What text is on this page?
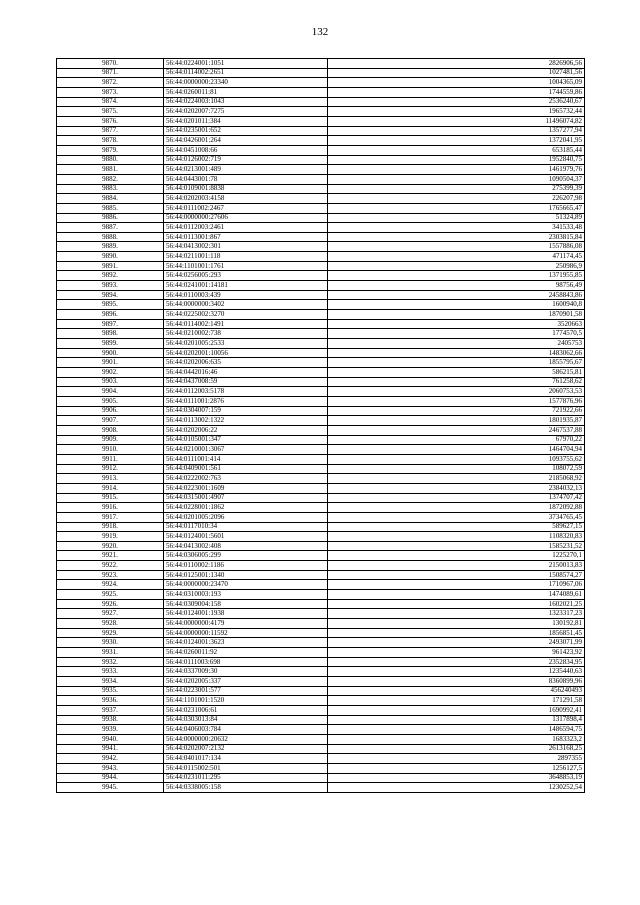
132
9870.	56:44:0224001:1051	2826906,56
9871.	56:44:0114002:2651	1027481,56
9872.	56:44:0000000:23340	1004365,09
9873.	56:44:0260011:81	1744559,86
9874.	56:44:0224003:1043	2536240,67
9875.	56:44:0202007:7275	1965732,44
9876.	56:44:0201011:384	11496074,82
9877.	56:44:0235001:652	1357277,94
9878.	56:44:0426001:264	1372041,95
9879.	56:44:0451008:66	653185,44
9880.	56:44:0126002:719	1952840,75
9881.	56:44:0213001:489	1461979,76
9882.	56:44:0443001:78	1090504,37
9883.	56:44:0109001:8838	275399,39
9884.	56:44:0202003:4158	226207,98
9885.	56:44:0111002:2467	1765665,47
9886.	56:44:0000000:27606	51324,89
9887.	56:44:0112003:2461	341533,48
9888.	56:44:0113001:867	2303815,84
9889.	56:44:0413002:301	1557886,08
9890.	56:44:0211001:118	471174,45
9891.	56:44:1101001:1761	250986,9
9892.	56:44:0256005:293	1371955,85
9893.	56:44:0241001:14181	98756,49
9894.	56:44:0110003:439	2458843,86
9895.	56:44:0000000:3402	1600940,8
9896.	56:44:0225002:3270	1870901,58
9897.	56:44:0114002:1491	3520663
9898.	56:44:0210002:738	1774570,5
9899.	56:44:0201005:2533	2405753
9900.	56:44:0202001:10056	1483062,66
9901.	56:44:0202006:635	1855795,67
9902.	56:44:0442016:46	586215,81
9903.	56:44:0437008:59	761258,62
9904.	56:44:0112003:5178	2060753,53
9905.	56:44:0111001:2876	1577876,96
9906.	56:44:0304007:159	721922,66
9907.	56:44:0113002:1322	1801935,87
9908.	56:44:0202006:22	2467537,88
9909.	56:44:0105001:347	67970,22
9910.	56:44:0210001:3067	1464704,94
9911.	56:44:0111001:414	1093755,62
9912.	56:44:0409001:561	108072,59
9913.	56:44:0222002:763	2185068,92
9914.	56:44:0223001:1609	2384032,13
9915.	56:44:0315001:4907	1374707,42
9916.	56:44:0228001:1862	1872092,88
9917.	56:44:0201005:2096	3734765,45
9918.	56:44:0117010:34	589627,15
9919.	56:44:0124001:5601	1108320,83
9920.	56:44:0413002:408	1585231,52
9921.	56:44:0306005:299	1225270,1
9922.	56:44:0110002:1186	2150013,83
9923.	56:44:0125001:1340	1508574,27
9924.	56:44:0000000:23470	1710967,06
9925.	56:44:0310003:193	1474089,61
9926.	56:44:0309004:158	1602021,25
9927.	56:44:0124001:1938	1323317,23
9928.	56:44:0000000:4179	130192,81
9929.	56:44:0000000:11592	1856851,45
9930.	56:44:0124001:3623	2493071,99
9931.	56:44:0260011:92	961423,92
9932.	56:44:0111003:698	2352834,95
9933.	56:44:0337009:30	1235440,63
9934.	56:44:0202005:337	8360899,96
9935.	56:44:0223001:577	456240493
9936.	56:44:1101001:1520	171291,58
9937.	56:44:0231006:61	1690992,41
9938.	56:44:0303013:84	1317898,4
9939.	56:44:0406003:784	1486594,75
9940.	56:44:0000000:20632	1683323,2
9941.	56:44:0202007:2132	2613168,25
9942.	56:44:0401017:134	2897355
9943.	56:44:0115002:501	1256127,5
9944.	56:44:0231011:295	3648853,19
9945.	56:44:0338005:158	1230252,54
